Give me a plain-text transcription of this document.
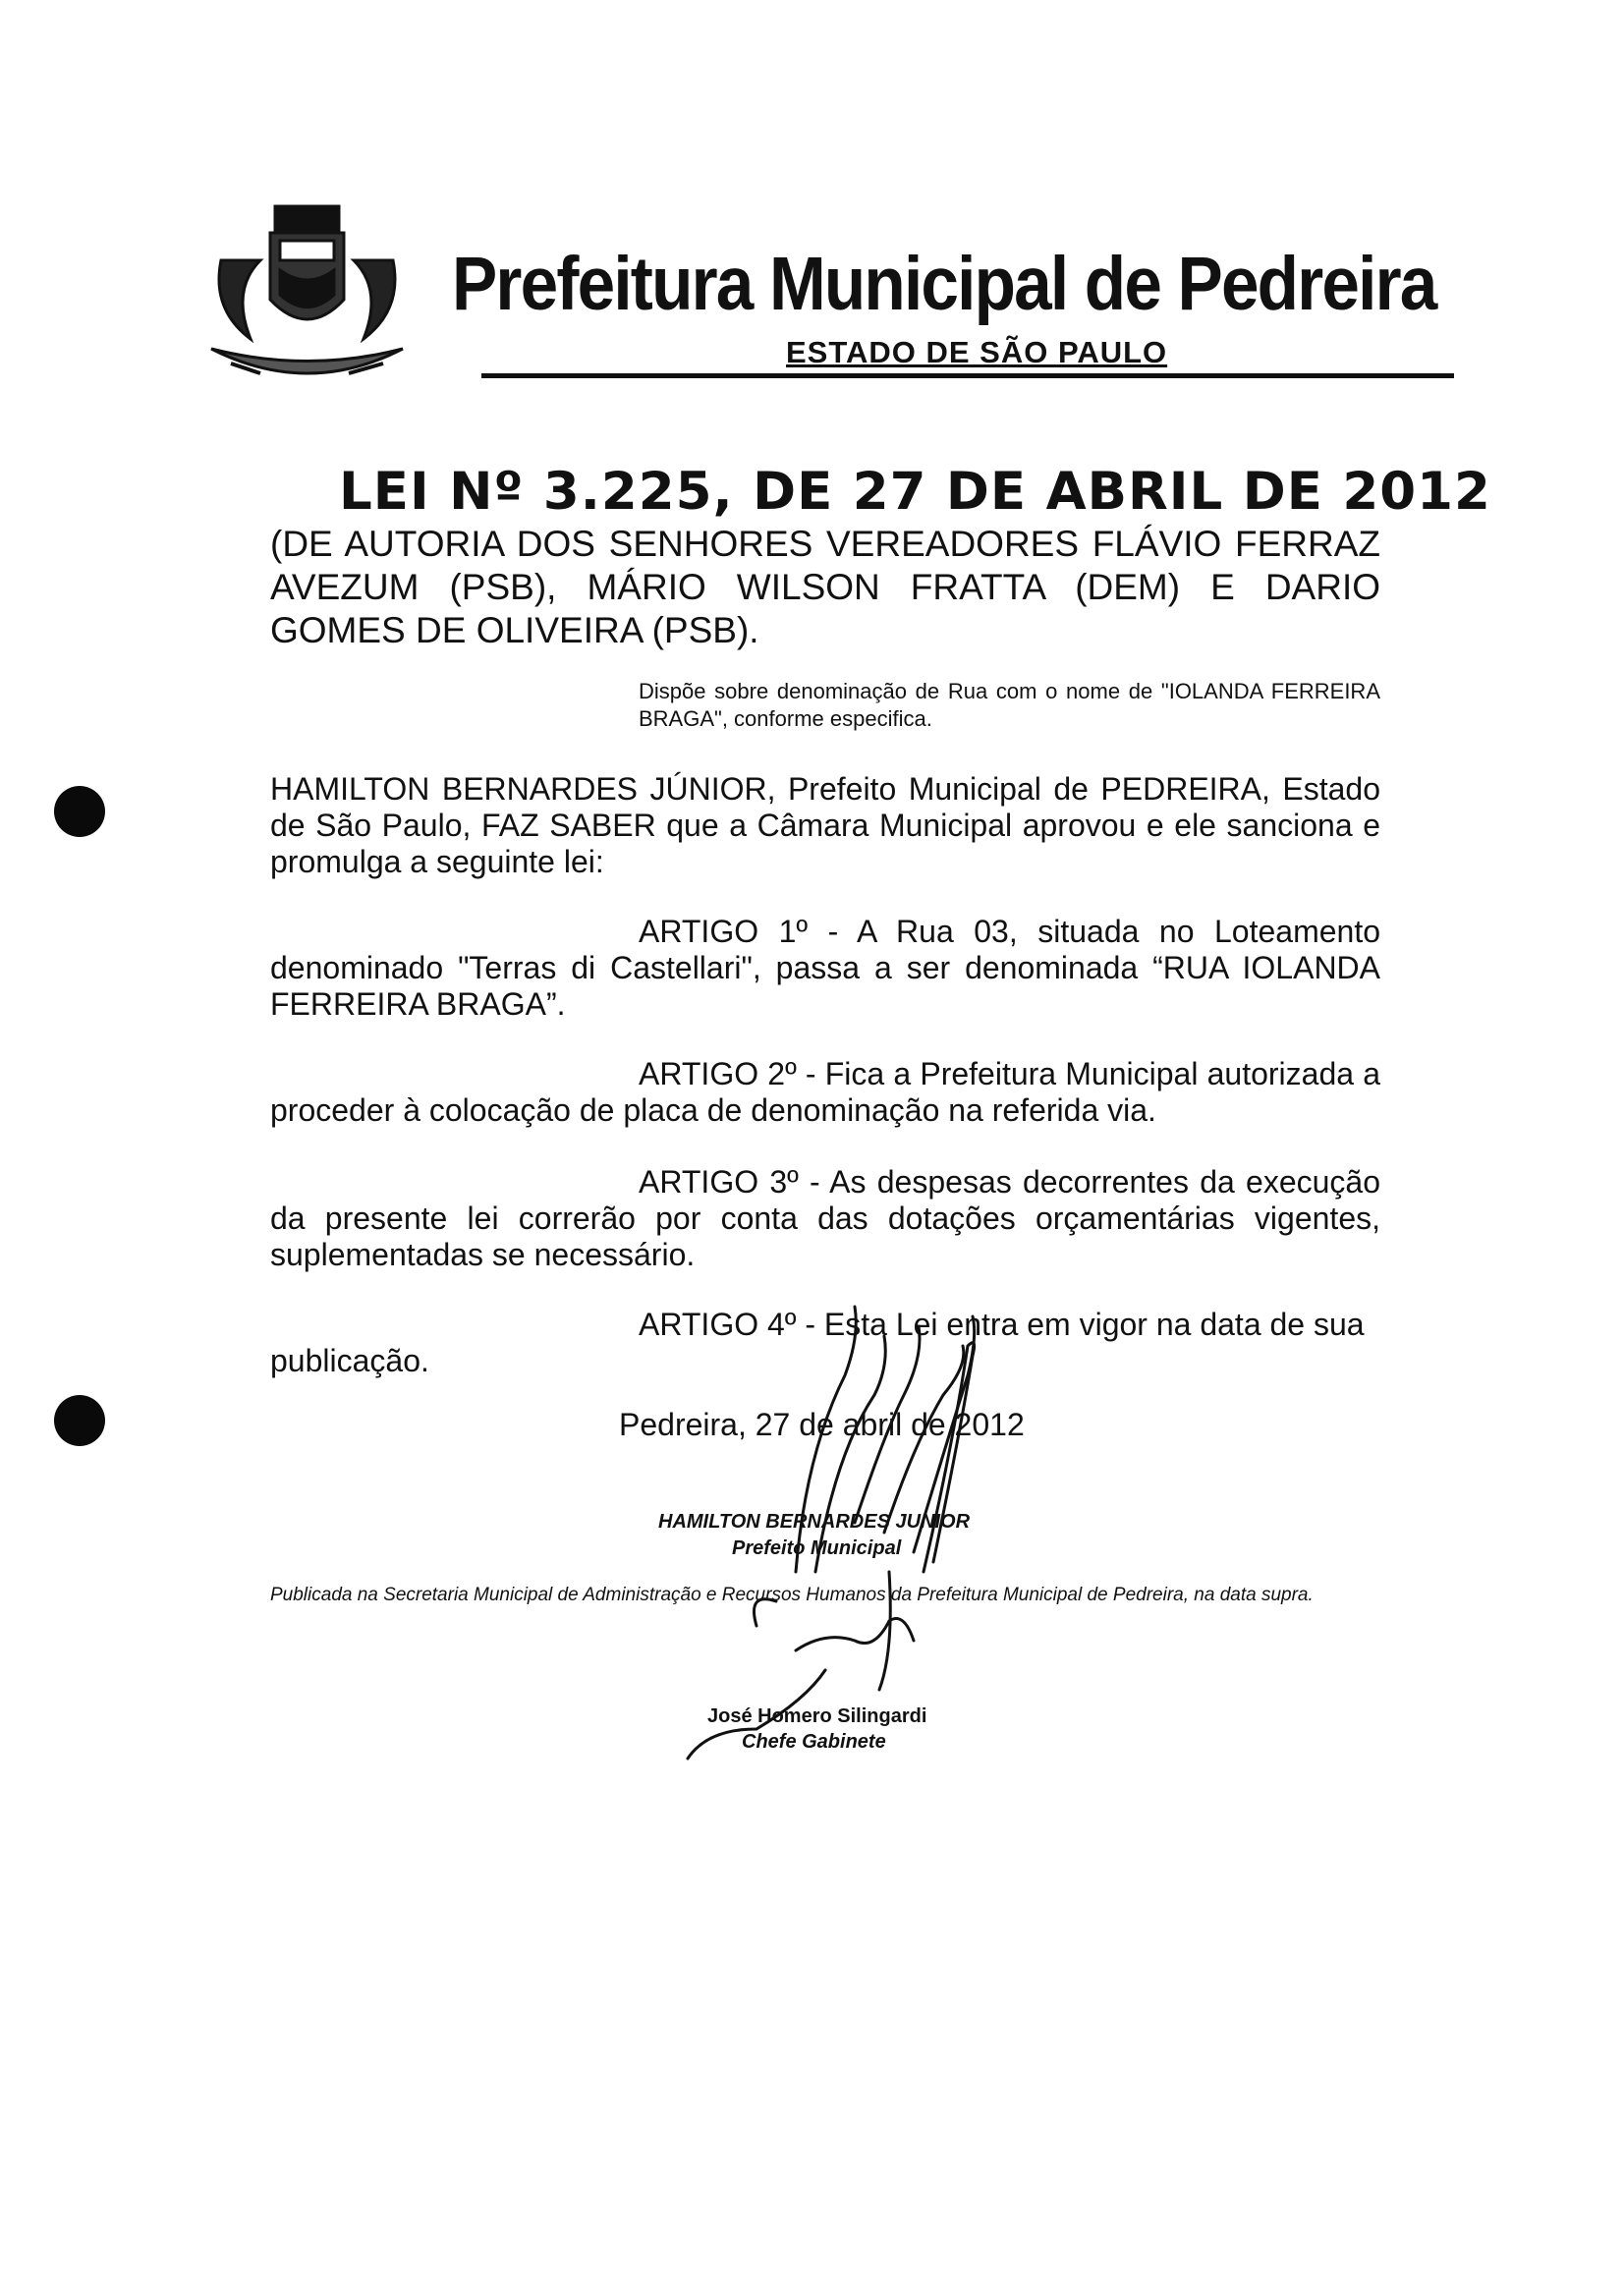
Prefeitura Municipal de Pedreira
ESTADO DE SÃO PAULO
LEI Nº 3.225, DE 27 DE ABRIL DE 2012
(DE AUTORIA DOS SENHORES VEREADORES FLÁVIO FERRAZ AVEZUM (PSB), MÁRIO WILSON FRATTA (DEM) E DARIO GOMES DE OLIVEIRA (PSB).
Dispõe sobre denominação de Rua com o nome de "IOLANDA FERREIRA BRAGA", conforme especifica.
HAMILTON BERNARDES JÚNIOR, Prefeito Municipal de PEDREIRA, Estado de São Paulo, FAZ SABER que a Câmara Municipal aprovou e ele sanciona e promulga a seguinte lei:
ARTIGO 1º - A Rua 03, situada no Loteamento denominado "Terras di Castellari", passa a ser denominada “RUA IOLANDA FERREIRA BRAGA”.
ARTIGO 2º - Fica a Prefeitura Municipal autorizada a proceder à colocação de placa de denominação na referida via.
ARTIGO 3º - As despesas decorrentes da execução da presente lei correrão por conta das dotações orçamentárias vigentes, suplementadas se necessário.
ARTIGO 4º - Esta Lei entra em vigor na data de sua publicação.
Pedreira, 27 de abril de 2012
HAMILTON BERNARDES JUNIOR
Prefeito Municipal
Publicada na Secretaria Municipal de Administração e Recursos Humanos da Prefeitura Municipal de Pedreira, na data supra.
José Homero Silingardi
Chefe Gabinete
